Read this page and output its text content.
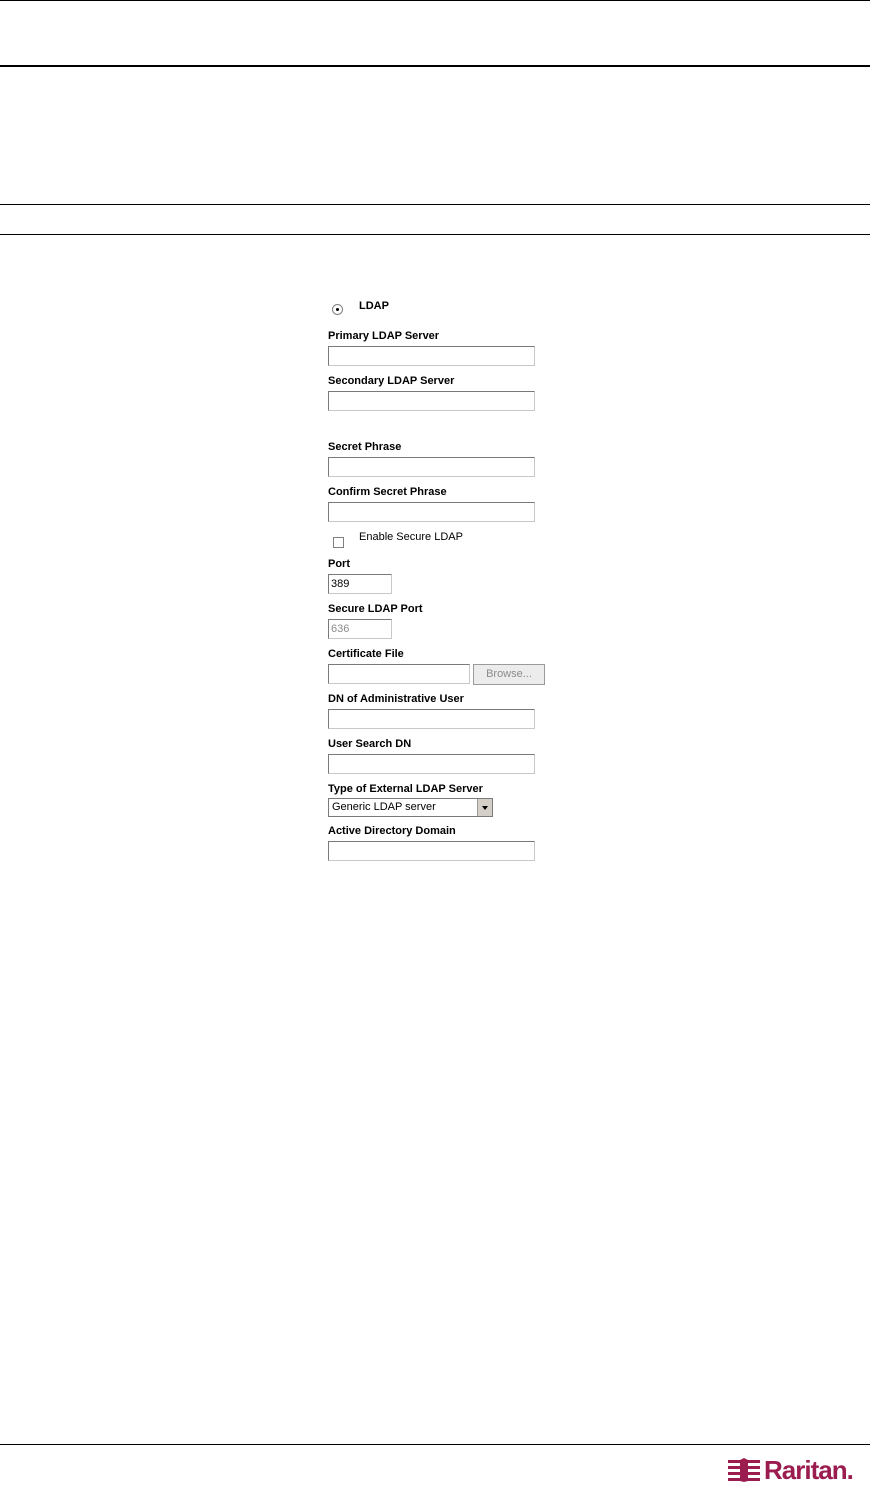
LDAP
Primary LDAP Server
Secondary LDAP Server
Secret Phrase
Confirm Secret Phrase
Enable Secure LDAP
Port
389
Secure LDAP Port
636
Certificate File
Browse...
DN of Administrative User
User Search DN
Type of External LDAP Server
Generic LDAP server
Active Directory Domain
Raritan.
